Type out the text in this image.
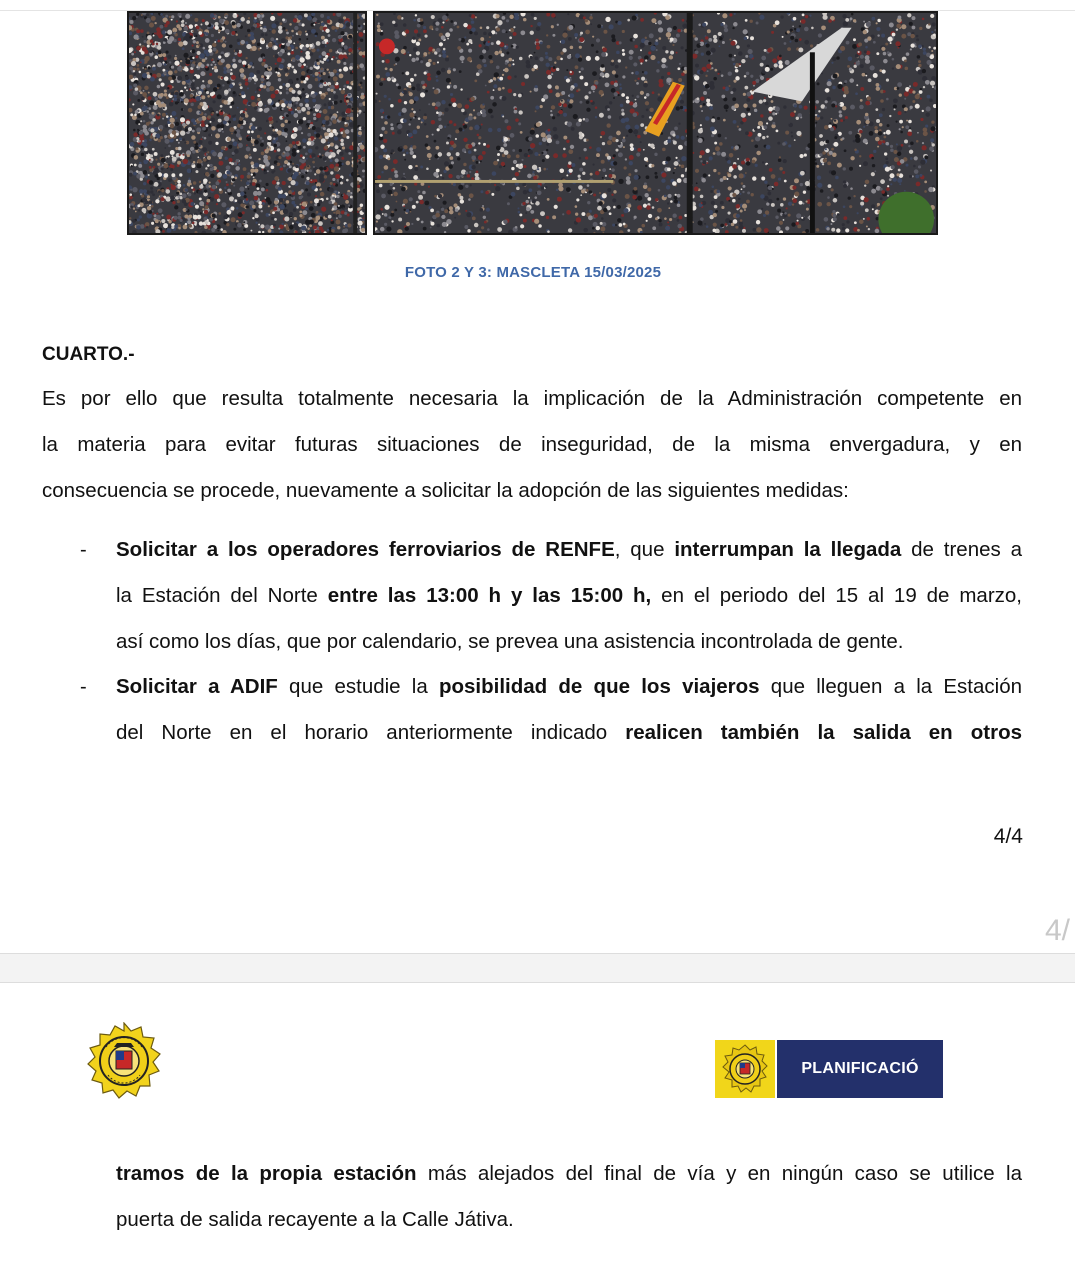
FOTO 2 Y 3: MASCLETA 15/03/2025
CUARTO.-
Es por ello que resulta totalmente necesaria la implicación de la Administración competente en
la materia para evitar futuras situaciones de inseguridad, de la misma envergadura, y en
consecuencia se procede, nuevamente a solicitar la adopción de las siguientes medidas:
- Solicitar a los operadores ferroviarios de RENFE, que interrumpan la llegada de trenes a
la Estación del Norte entre las 13:00 h y las 15:00 h, en el periodo del 15 al 19 de marzo,
así como los días, que por calendario, se prevea una asistencia incontrolada de gente.
- Solicitar a ADIF que estudie la posibilidad de que los viajeros que lleguen a la Estación
del Norte en el horario anteriormente indicado realicen también la salida en otros
4/4
4/
PLANIFICACIÓ
tramos de la propia estación más alejados del final de vía y en ningún caso se utilice la
puerta de salida recayente a la Calle Játiva.
